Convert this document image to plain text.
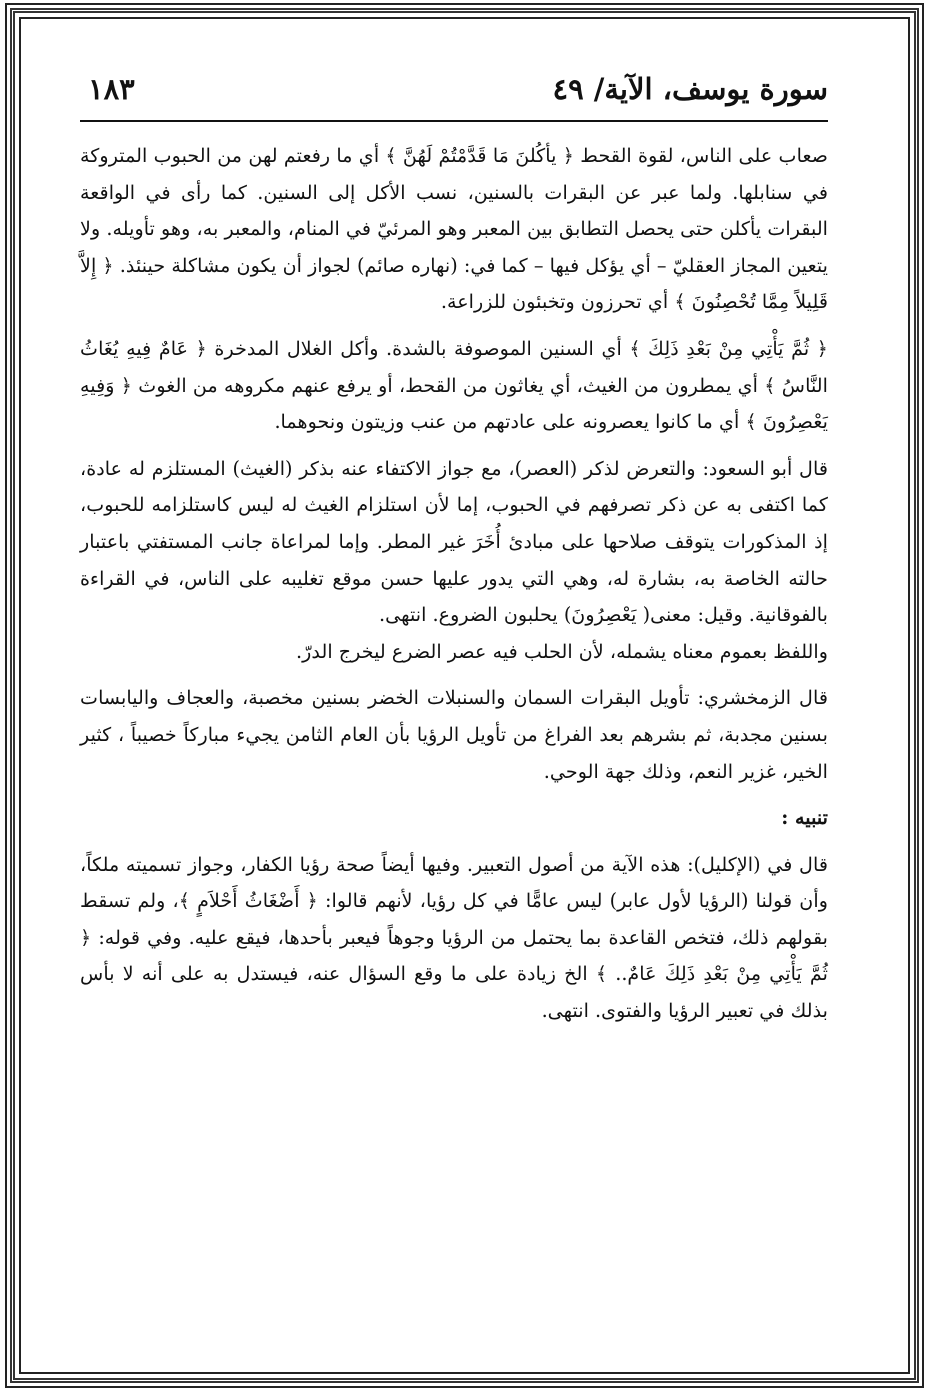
سورة يوسف، الآية/ ٤٩
١٨٣

صعاب على الناس، لقوة القحط ﴿ يأكُلنَ مَا قَدَّمْتُمْ لَهُنَّ ﴾ أي ما رفعتم لهن من الحبوب المتروكة في سنابلها. ولما عبر عن البقرات بالسنين، نسب الأكل إلى السنين. كما رأى في الواقعة البقرات يأكلن حتى يحصل التطابق بين المعبر وهو المرئيّ في المنام، والمعبر به، وهو تأويله. ولا يتعين المجاز العقليّ – أي يؤكل فيها – كما في: (نهاره صائم) لجواز أن يكون مشاكلة حينئذ. ﴿ إِلاَّ قَلِيلاً مِمَّا تُحْصِنُونَ ﴾ أي تحرزون وتخبئون للزراعة.

﴿ ثُمَّ يَأْتِي مِنْ بَعْدِ ذَلِكَ ﴾ أي السنين الموصوفة بالشدة. وأكل الغلال المدخرة ﴿ عَامٌ فِيهِ يُغَاثُ النَّاسُ ﴾ أي يمطرون من الغيث، أي يغاثون من القحط، أو يرفع عنهم مكروهه من الغوث ﴿ وَفِيهِ يَعْصِرُونَ ﴾ أي ما كانوا يعصرونه على عادتهم من عنب وزيتون ونحوهما.

قال أبو السعود: والتعرض لذكر (العصر)، مع جواز الاكتفاء عنه بذكر (الغيث) المستلزم له عادة، كما اكتفى به عن ذكر تصرفهم في الحبوب، إما لأن استلزام الغيث له ليس كاستلزامه للحبوب، إذ المذكورات يتوقف صلاحها على مبادئ أُخَرَ غير المطر. وإما لمراعاة جانب المستفتي باعتبار حالته الخاصة به، بشارة له، وهي التي يدور عليها حسن موقع تغليبه على الناس، في القراءة بالفوقانية. وقيل: معنى( يَعْصِرُونَ) يحلبون الضروع. انتهى.

واللفظ بعموم معناه يشمله، لأن الحلب فيه عصر الضرع ليخرج الدرّ.

قال الزمخشري: تأويل البقرات السمان والسنبلات الخضر بسنين مخصبة، والعجاف واليابسات بسنين مجدبة، ثم بشرهم بعد الفراغ من تأويل الرؤيا بأن العام الثامن يجيء مباركاً خصيباً ، كثير الخير، غزير النعم، وذلك جهة الوحي.

تنبيه :

قال في (الإكليل): هذه الآية من أصول التعبير. وفيها أيضاً صحة رؤيا الكفار، وجواز تسميته ملكاً، وأن قولنا (الرؤيا لأول عابر) ليس عامًّا في كل رؤيا، لأنهم قالوا: ﴿ أَضْغَاثُ أَحْلاَمٍ ﴾، ولم تسقط بقولهم ذلك، فتخص القاعدة بما يحتمل من الرؤيا وجوهاً فيعبر بأحدها، فيقع عليه. وفي قوله: ﴿ ثُمَّ يَأْتِي مِنْ بَعْدِ ذَلِكَ عَامٌ.. ﴾ الخ زيادة على ما وقع السؤال عنه، فيستدل به على أنه لا بأس بذلك في تعبير الرؤيا والفتوى. انتهى.
